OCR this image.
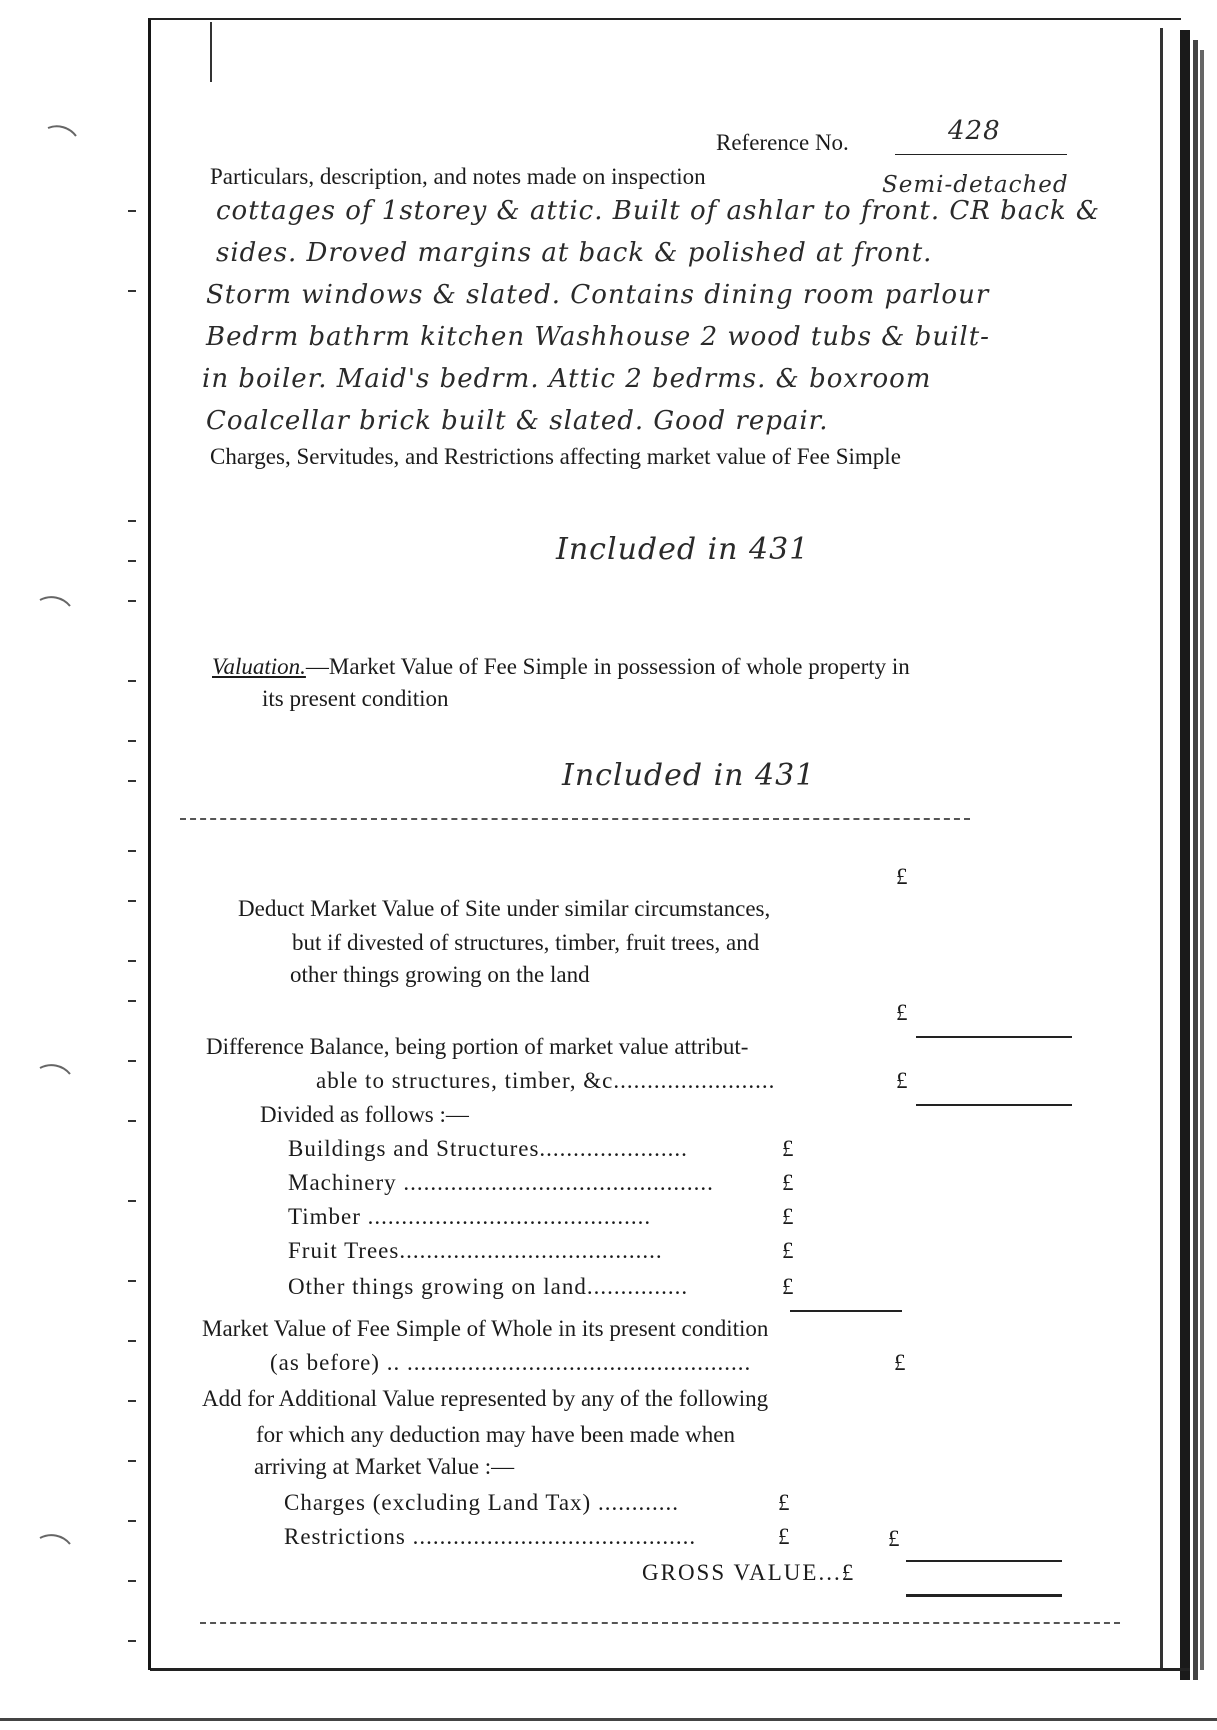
Reference No.	428
Particulars, description, and notes made on inspection	Semi-detached
cottages of 1storey & attic. Built of ashlar to front. CR back &
sides. Droved margins at back & polished at front.
Storm windows & slated. Contains dining room parlour
Bedrm bathrm kitchen Washhouse 2 wood tubs & built-
in boiler. Maid's bedrm. Attic 2 bedrms. & boxroom
Coalcellar brick built & slated. Good repair.
Charges, Servitudes, and Restrictions affecting market value of Fee Simple
Included in 431
Valuation.—Market Value of Fee Simple in possession of whole property in
its present condition
Included in 431
£
Deduct Market Value of Site under similar circumstances,
but if divested of structures, timber, fruit trees, and
other things growing on the land
£
Difference Balance, being portion of market value attribut-
able to structures, timber, &c........................	£
Divided as follows :—
Buildings and Structures......................	£
Machinery ..............................................	£
Timber ..........................................	£
Fruit Trees.......................................	£
Other things growing on land...............	£
Market Value of Fee Simple of Whole in its present condition
(as before) .. ...................................................	£
Add for Additional Value represented by any of the following
for which any deduction may have been made when
arriving at Market Value :—
Charges (excluding Land Tax) ............	£
Restrictions ..........................................	£	£
GROSS VALUE...£
